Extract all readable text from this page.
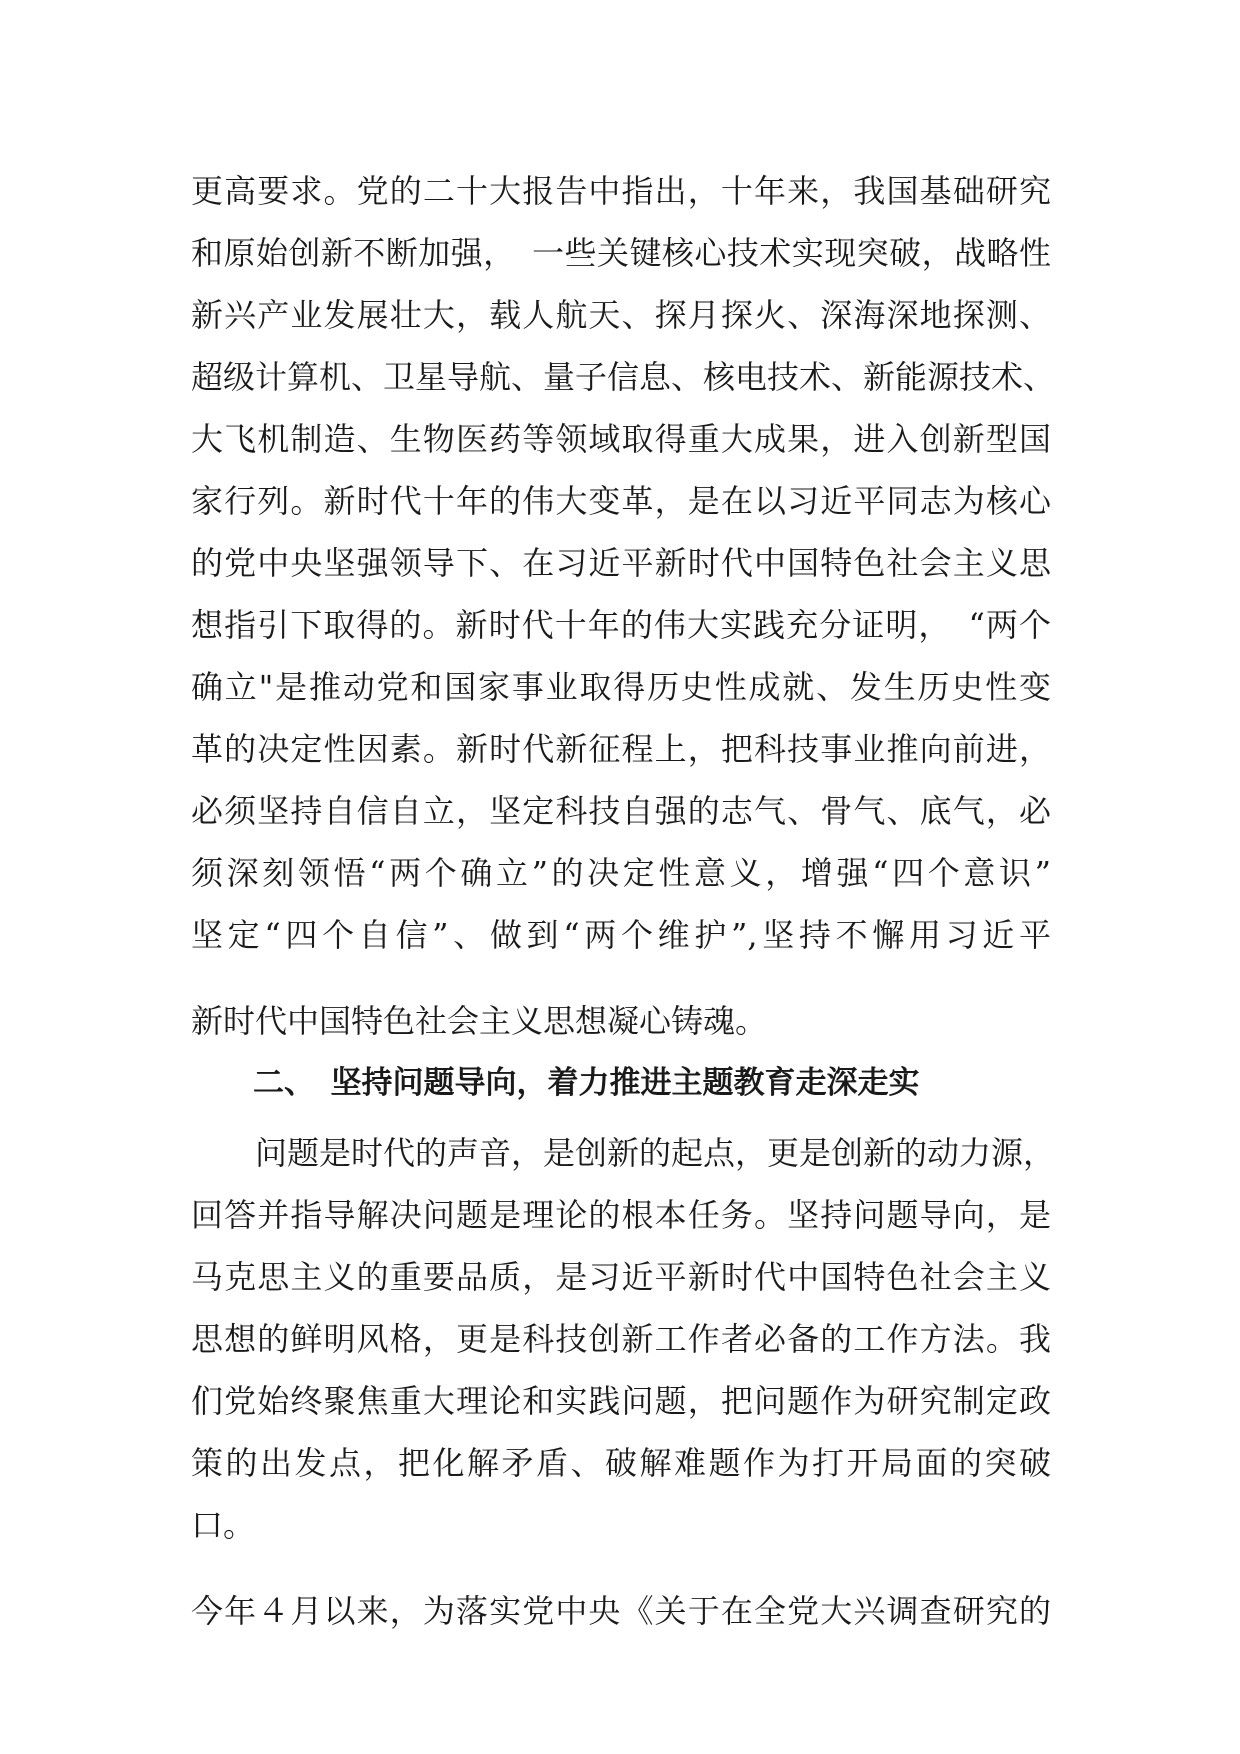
更高要求。党的二十大报告中指出，十年来，我国基础研究
和原始创新不断加强，　一些关键核心技术实现突破，战略性
新兴产业发展壮大，载人航天、探月探火、深海深地探测、
超级计算机、卫星导航、量子信息、核电技术、新能源技术、
大飞机制造、生物医药等领域取得重大成果，进入创新型国
家行列。新时代十年的伟大变革，是在以习近平同志为核心
的党中央坚强领导下、在习近平新时代中国特色社会主义思
想指引下取得的。新时代十年的伟大实践充分证明，　“两个
确立"是推动党和国家事业取得历史性成就、发生历史性变
革的决定性因素。新时代新征程上，把科技事业推向前进，
必须坚持自信自立，坚定科技自强的志气、骨气、底气，必
须深刻领悟“两个确立”的决定性意义，增强“四个意识”
坚定“四个自信”、做到“两个维护”,坚持不懈用习近平
新时代中国特色社会主义思想凝心铸魂。
二、　坚持问题导向，着力推进主题教育走深走实
问题是时代的声音，是创新的起点，更是创新的动力源，
回答并指导解决问题是理论的根本任务。坚持问题导向，是
马克思主义的重要品质，是习近平新时代中国特色社会主义
思想的鲜明风格，更是科技创新工作者必备的工作方法。我
们党始终聚焦重大理论和实践问题，把问题作为研究制定政
策的出发点，把化解矛盾、破解难题作为打开局面的突破
口。
今年４月以来，为落实党中央《关于在全党大兴调查研究的
